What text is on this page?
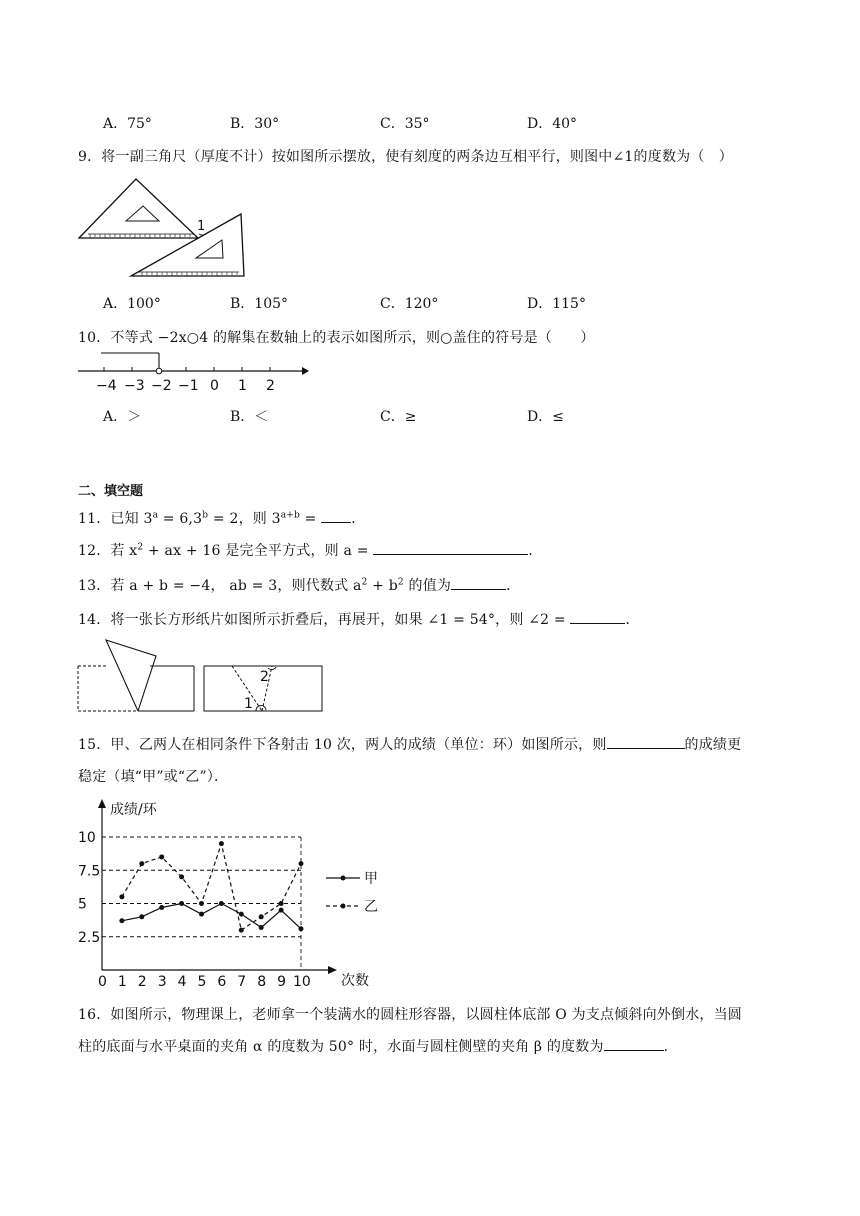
A．75°	B．30°	C．35°	D．40°
9．将一副三角尺（厚度不计）按如图所示摆放，使有刻度的两条边互相平行，则图中∠1的度数为（　）
1
A．100°	B．105°	C．120°	D．115°
10．不等式 −2x○4 的解集在数轴上的表示如图所示，则○盖住的符号是（　　）
−4 −3 −2 −1 0 1 2
A．＞	B．＜	C．≥	D．≤
二、填空题
11．已知 $3^a = 6,3^b = 2$，则 $3^{a+b}$ = ．
12．若 $x^2$ + ax + 16 是完全平方式，则 a =	．
13．若 a + b = −4， ab = 3，则代数式 $a^2 + b^2$ 的值为	．
14．将一张长方形纸片如图所示折叠后，再展开，如果 ∠1 = 54°，则 ∠2 =	．
2
1
15．甲、乙两人在相同条件下各射击 10 次，两人的成绩（单位：环）如图所示，则	的成绩更
稳定（填“甲”或“乙”）．
成绩/环
次数
2.5
5
7.5
10
0 1 2 3 4 5 6 7 8 9 10
甲
乙
16．如图所示，物理课上，老师拿一个装满水的圆柱形容器，以圆柱体底部 O 为支点倾斜向外倒水，当圆
柱的底面与水平桌面的夹角 α 的度数为 50° 时，水面与圆柱侧壁的夹角 β 的度数为	．
